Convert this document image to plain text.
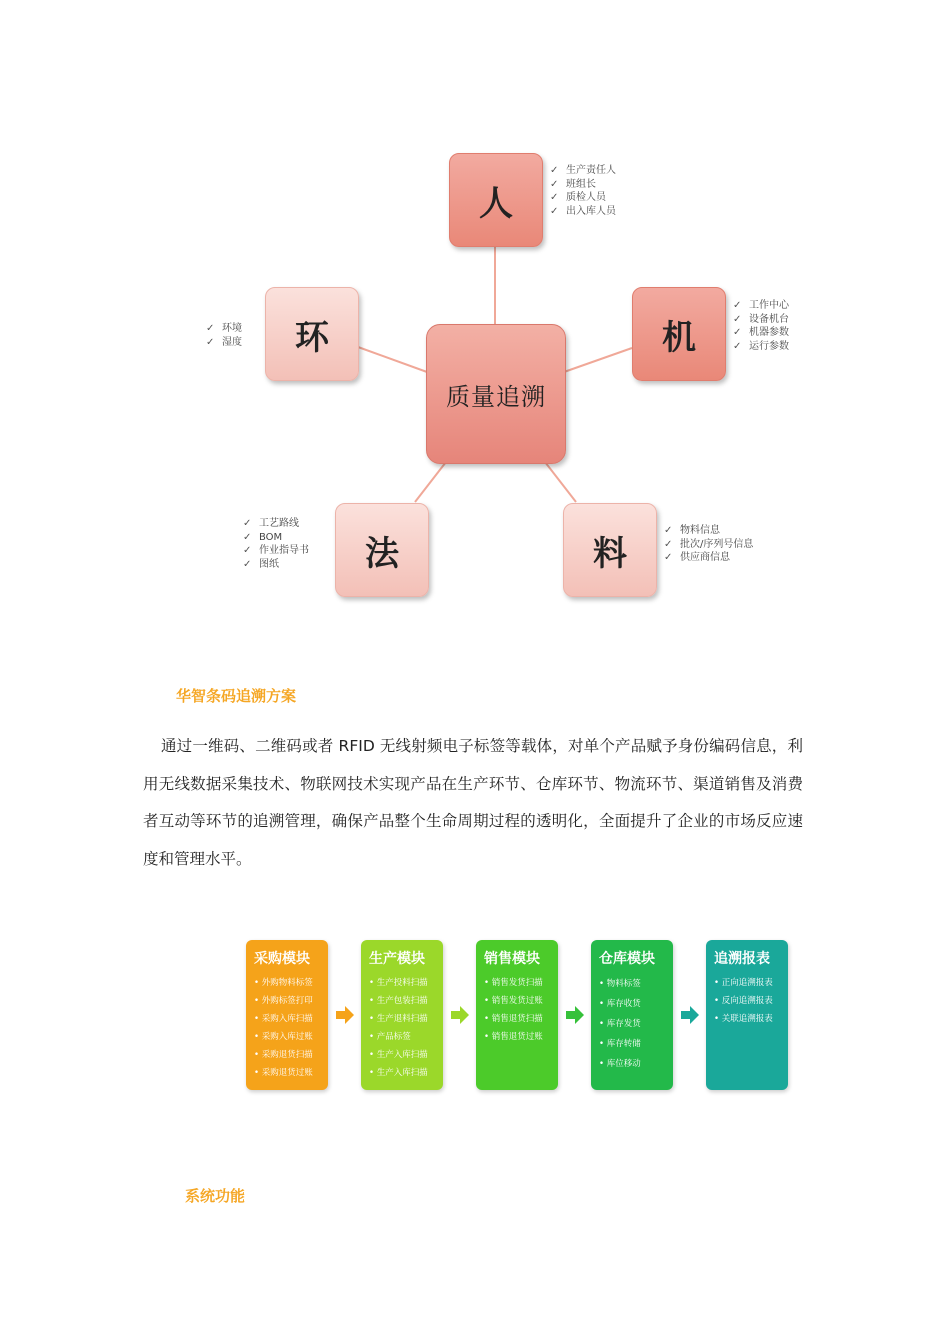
质量追溯
人
✓ 生产责任人
✓ 班组长
✓ 质检人员
✓ 出入库人员
机
✓ 工作中心
✓ 设备机台
✓ 机器参数
✓ 运行参数
环
✓ 环境
✓ 湿度
法
✓ 工艺路线
✓ BOM
✓ 作业指导书
✓ 图纸	料
✓ 物料信息
✓ 批次/序列号信息
✓ 供应商信息
华智条码追溯方案

通过一维码、二维码或者 RFID 无线射频电子标签等载体，对单个产品赋予身份编码信息，利用无线数据采集技术、物联网技术实现产品在生产环节、仓库环节、物流环节、渠道销售及消费者互动等环节的追溯管理，确保产品整个生命周期过程的透明化，全面提升了企业的市场反应速度和管理水平。

采购模块
• 外购物料标签
• 外购标签打印
• 采购入库扫描
• 采购入库过账
• 采购退货扫描
• 采购退货过账
生产模块
• 生产投料扫描
• 生产包装扫描
• 生产退料扫描
• 产品标签
• 生产入库扫描
• 生产入库扫描
销售模块
• 销售发货扫描
• 销售发货过账
• 销售退货扫描
• 销售退货过账
仓库模块
• 物料标签
• 库存收货
• 库存发货
• 库存转储
• 库位移动
追溯报表
• 正向追溯报表
• 反向追溯报表
• 关联追溯报表
系统功能
